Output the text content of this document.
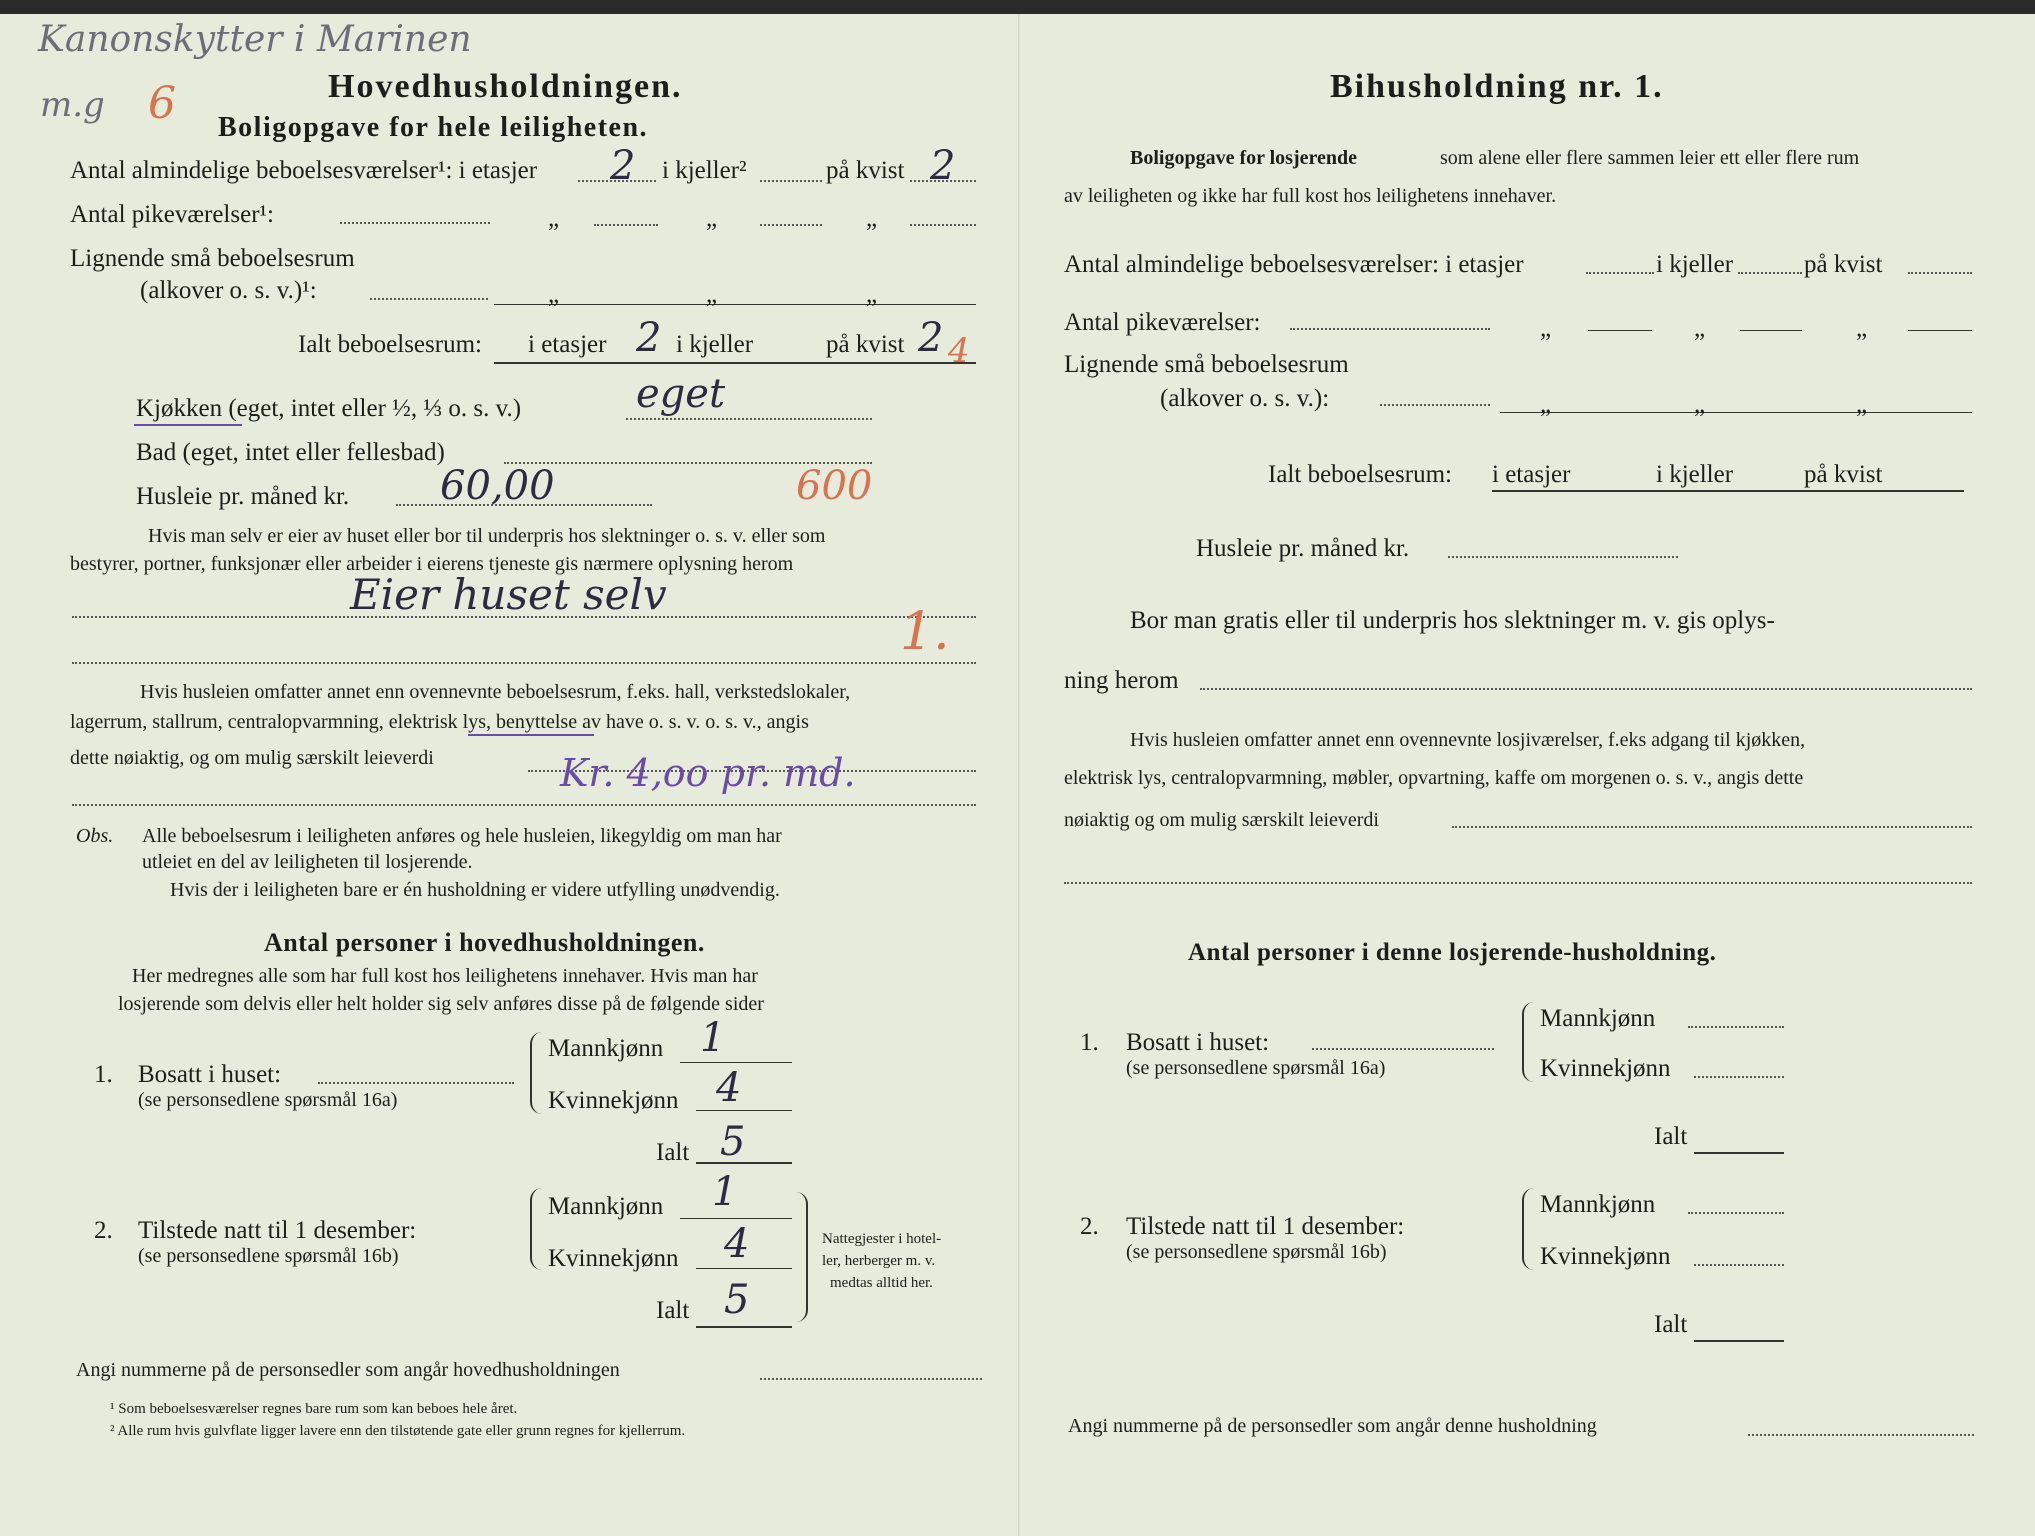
Kanonskytter i Marinen
m.g 6	Hovedhusholdningen.
Boligopgave for hele leiligheten.
Antal almindelige beboelsesværelser¹: i etasjer 2 i kjeller²	på kvist 2
Antal pikeværelser¹:	„	„	„
Lignende små beboelsesrum
(alkover o. s. v.)¹:	„	„	„
Ialt beboelsesrum: i etasjer 2 i kjeller	på kvist 2 4
Kjøkken (eget, intet eller ½, ⅓ o. s. v.)	eget
Bad (eget, intet eller fellesbad)
Husleie pr. måned kr. 60,00	600
Hvis man selv er eier av huset eller bor til underpris hos slektninger o. s. v. eller som
bestyrer, portner, funksjonær eller arbeider i eierens tjeneste gis nærmere oplysning herom
Eier huset selv
1.
Hvis husleien omfatter annet enn ovennevnte beboelsesrum, f.eks. hall, verkstedslokaler,
lagerrum, stallrum, centralopvarmning, elektrisk lys, benyttelse av have o. s. v. o. s. v., angis
dette nøiaktig, og om mulig særskilt leieverdi	Kr. 4,oo pr. md.
Obs. Alle beboelsesrum i leiligheten anføres og hele husleien, likegyldig om man har
utleiet en del av leiligheten til losjerende.
Hvis der i leiligheten bare er én husholdning er videre utfylling unødvendig.
Antal personer i hovedhusholdningen.
Her medregnes alle som har full kost hos leilighetens innehaver. Hvis man har
losjerende som delvis eller helt holder sig selv anføres disse på de følgende sider
1. Bosatt i huset:
(se personsedlene spørsmål 16a)
Mannkjønn 1
Kvinnekjønn 4
Ialt 5
2. Tilstede natt til 1 desember:
(se personsedlene spørsmål 16b)
Mannkjønn 1
Kvinnekjønn 4
Ialt 5
Nattegjester i hotel-
ler, herberger m. v.
medtas alltid her.
Angi nummerne på de personsedler som angår hovedhusholdningen
¹ Som beboelsesværelser regnes bare rum som kan beboes hele året.
² Alle rum hvis gulvflate ligger lavere enn den tilstøtende gate eller grunn regnes for kjellerrum.
Bihusholdning nr. 1.
Boligopgave for losjerende	som alene eller flere sammen leier ett eller flere rum
av leiligheten og ikke har full kost hos leilighetens innehaver.
Antal almindelige beboelsesværelser: i etasjer	i kjeller	på kvist
Antal pikeværelser:	„	„	„
Lignende små beboelsesrum
(alkover o. s. v.):	„	„	„
Ialt beboelsesrum: i etasjer	i kjeller	på kvist
Husleie pr. måned kr.
Bor man gratis eller til underpris hos slektninger m. v. gis oplys-
ning herom
Hvis husleien omfatter annet enn ovennevnte losjiværelser, f.eks adgang til kjøkken,
elektrisk lys, centralopvarmning, møbler, opvartning, kaffe om morgenen o. s. v., angis dette
nøiaktig og om mulig særskilt leieverdi
Antal personer i denne losjerende-husholdning.
1. Bosatt i huset:
(se personsedlene spørsmål 16a)
Mannkjønn
Kvinnekjønn
Ialt
2. Tilstede natt til 1 desember:
(se personsedlene spørsmål 16b)
Mannkjønn
Kvinnekjønn
Ialt
Angi nummerne på de personsedler som angår denne husholdning
